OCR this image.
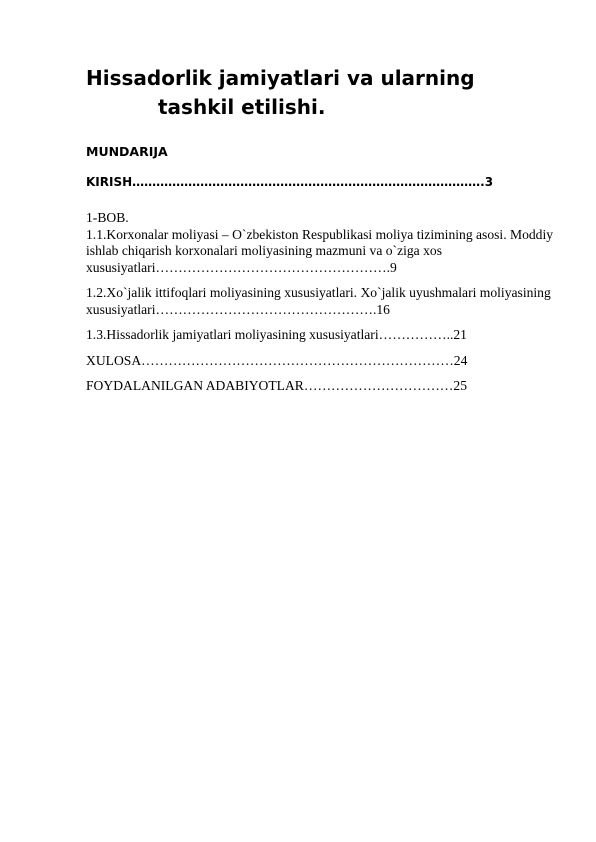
Hissadorlik jamiyatlari va ularning
tashkil etilishi.

MUNDARIJA

KIRISH…………………………………………………………………………….3

1-BOB.

1.1.Korxonalar moliyasi – O`zbekiston Respublikasi moliya tizimining asosi. Moddiy ishlab chiqarish korxonalari moliyasining mazmuni va o`ziga xos xususiyatlari…………………………………………….9

1.2.Xo`jalik ittifoqlari moliyasining xususiyatlari. Xo`jalik uyushmalari moliyasining xususiyatlari………………………………………….16

1.3.Hissadorlik jamiyatlari moliyasining xususiyatlari……………..21

XULOSA……………………………………………………………24

FOYDALANILGAN ADABIYOTLAR……………………………25
